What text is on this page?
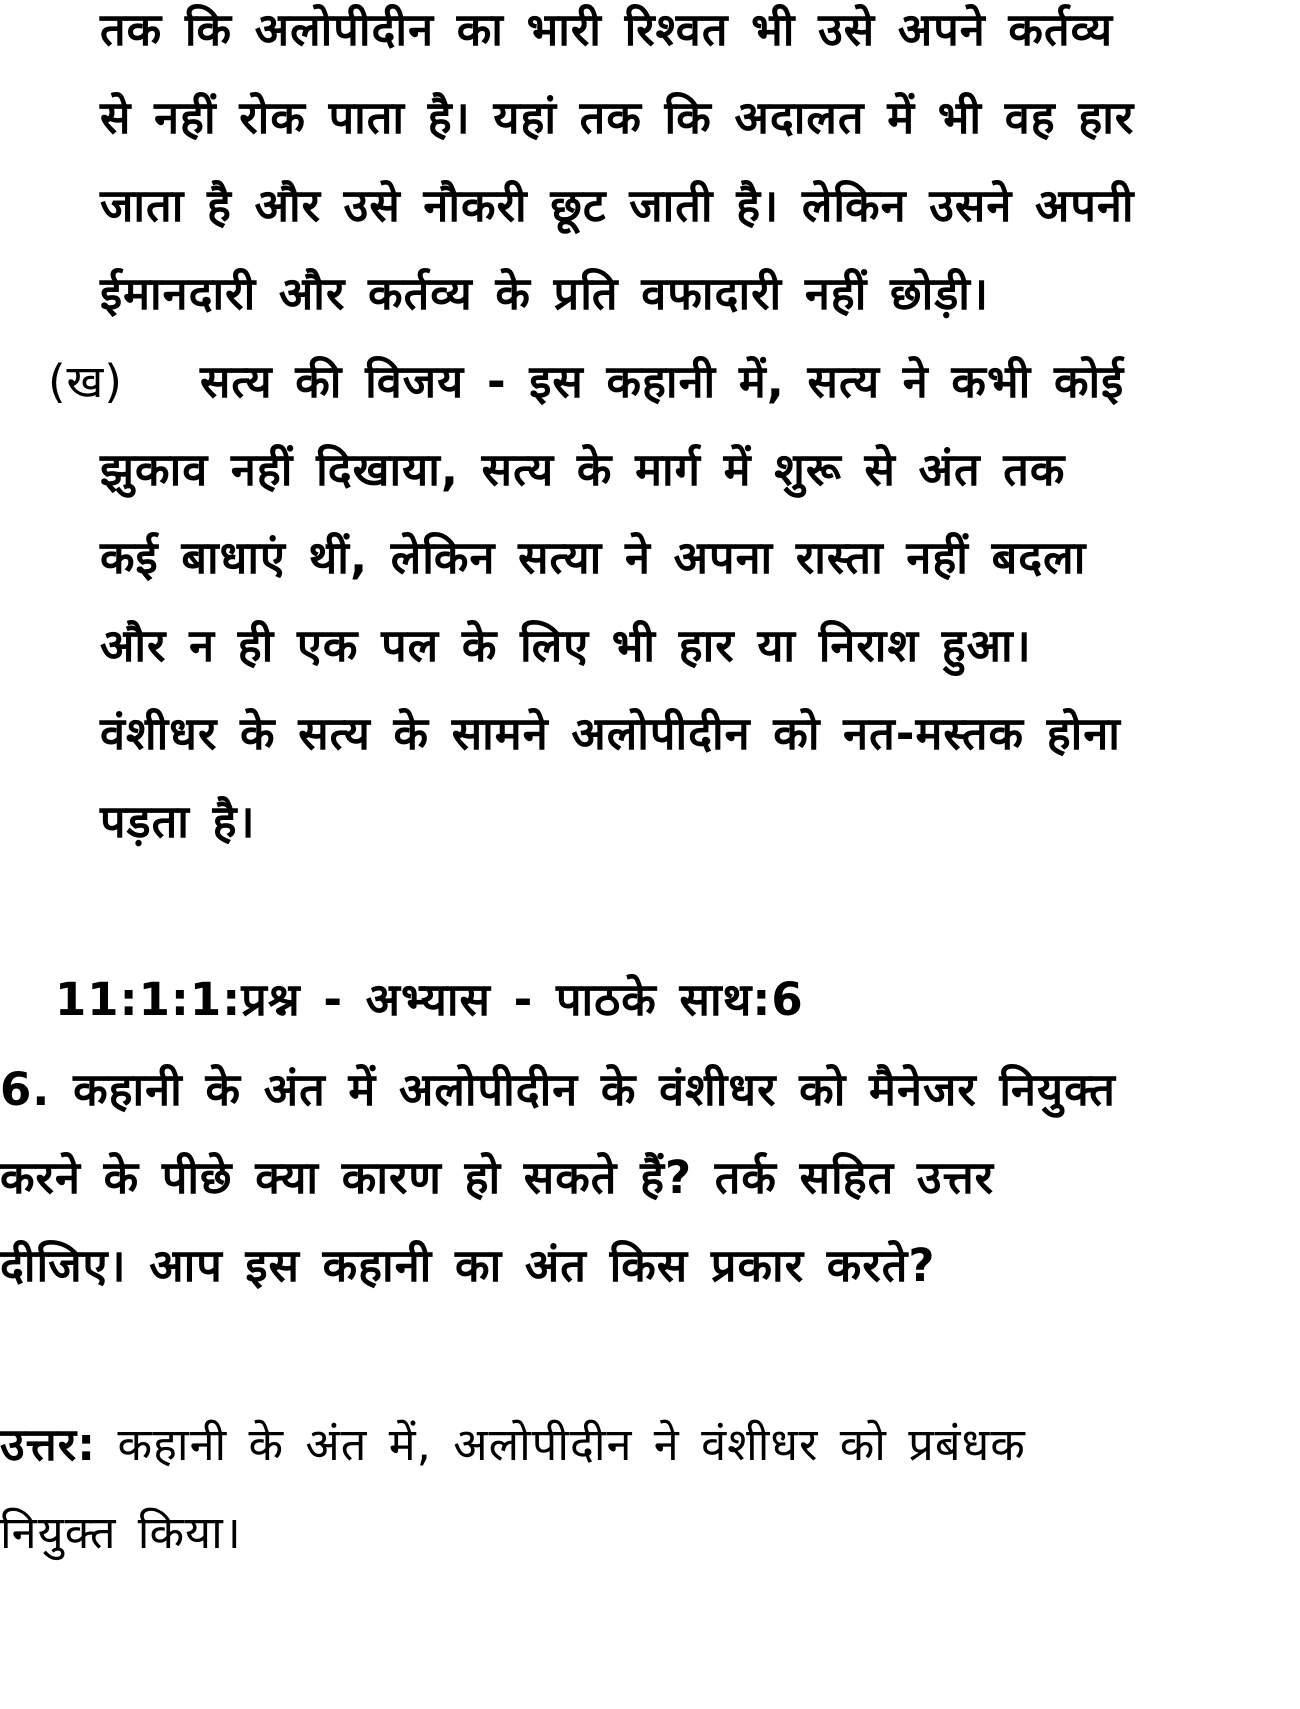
तक कि अलोपीदीन का भारी रिश्वत भी उसे अपने कर्तव्य
से नहीं रोक पाता है। यहां तक कि अदालत में भी वह हार
जाता है और उसे नौकरी छूट जाती है। लेकिन उसने अपनी
ईमानदारी और कर्तव्य के प्रति वफादारी नहीं छोड़ी।
(ख) सत्य की विजय - इस कहानी में, सत्य ने कभी कोई
झुकाव नहीं दिखाया, सत्य के मार्ग में शुरू से अंत तक
कई बाधाएं थीं, लेकिन सत्या ने अपना रास्ता नहीं बदला
और न ही एक पल के लिए भी हार या निराश हुआ।
वंशीधर के सत्य के सामने अलोपीदीन को नत-मस्तक होना
पड़ता है।
11:1:1:प्रश्न - अभ्यास - पाठके साथ:6
6. कहानी के अंत में अलोपीदीन के वंशीधर को मैनेजर नियुक्त
करने के पीछे क्या कारण हो सकते हैं? तर्क सहित उत्तर
दीजिए। आप इस कहानी का अंत किस प्रकार करते?
उत्तर: कहानी के अंत में, अलोपीदीन ने वंशीधर को प्रबंधक
नियुक्त किया।
